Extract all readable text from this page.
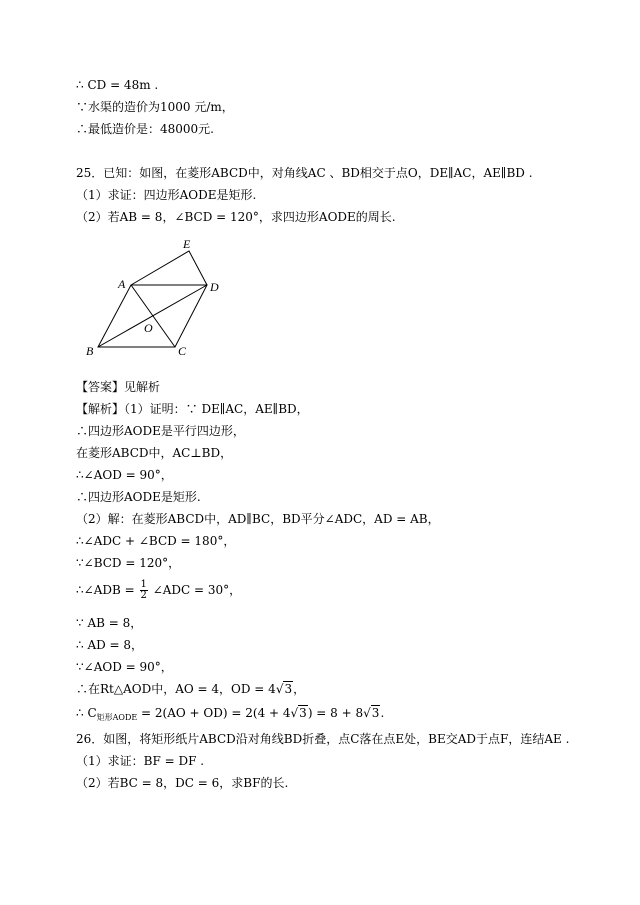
∴ CD = 48m .
∵水渠的造价为1000 元/m，
∴最低造价是：48000元.
25．已知：如图，在菱形ABCD中，对角线AC 、BD相交于点O，DE∥AC，AE∥BD .
（1）求证：四边形AODE是矩形.
（2）若AB = 8，∠BCD = 120°，求四边形AODE的周长.
E
A	D
O
B	C
【答案】见解析
【解析】（1）证明：∵ DE∥AC，AE∥BD，
∴四边形AODE是平行四边形，
在菱形ABCD中，AC⊥BD，
∴∠AOD = 90°，
∴四边形AODE是矩形.
（2）解：在菱形ABCD中，AD∥BC，BD平分∠ADC，AD = AB，
∴∠ADC + ∠BCD = 180°，
∵∠BCD = 120°，
∴∠ADB = $\frac{1}{2}$ ∠ADC = 30°，
∵ AB = 8，
∴ AD = 8，
∵∠AOD = 90°，
∴在Rt△AOD中，AO = 4，OD = 4√3，
∴ $C_{矩形AODE} = 2(AO + OD) = 2(4 + 4√3) = 8 + 8√3$.
26．如图，将矩形纸片ABCD沿对角线BD折叠，点C落在点E处，BE交AD于点F，连结AE .
（1）求证：BF = DF .
（2）若BC = 8，DC = 6，求BF的长.
